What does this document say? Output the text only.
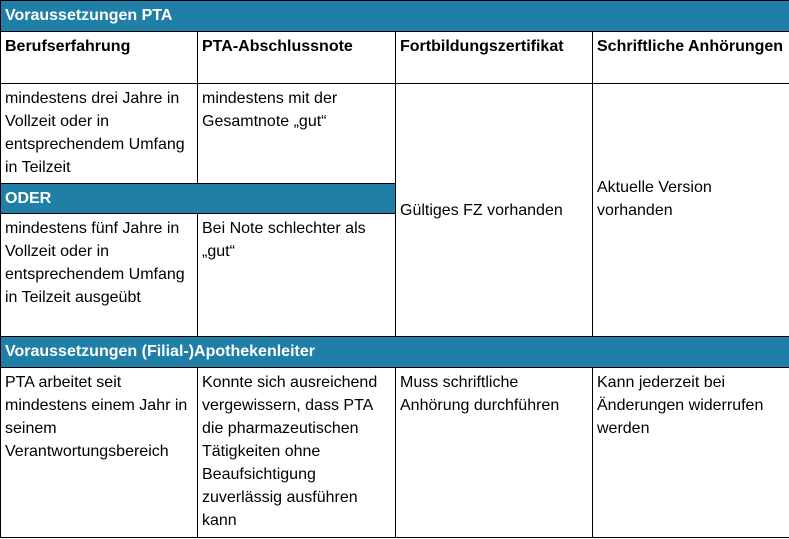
Voraussetzungen PTA			
Berufserfahrung	PTA-Abschlussnote	Fortbildungszertifikat	Schriftliche Anhörungen
mindestens drei Jahre in Vollzeit oder in entsprechendem Umfang in Teilzeit	mindestens mit der Gesamtnote „gut“	Gültiges FZ vorhanden	Aktuelle Version vorhanden
ODER			
mindestens fünf Jahre in Vollzeit oder in entsprechendem Umfang in Teilzeit ausgeübt	Bei Note schlechter als „gut“		
Voraussetzungen (Filial-)Apothekenleiter			
PTA arbeitet seit mindestens einem Jahr in seinem Verantwortungsbereich	Konnte sich ausreichend vergewissern, dass PTA die pharmazeutischen Tätigkeiten ohne Beaufsichtigung zuverlässig ausführen kann	Muss schriftliche Anhörung durchführen	Kann jederzeit bei Änderungen widerrufen werden
